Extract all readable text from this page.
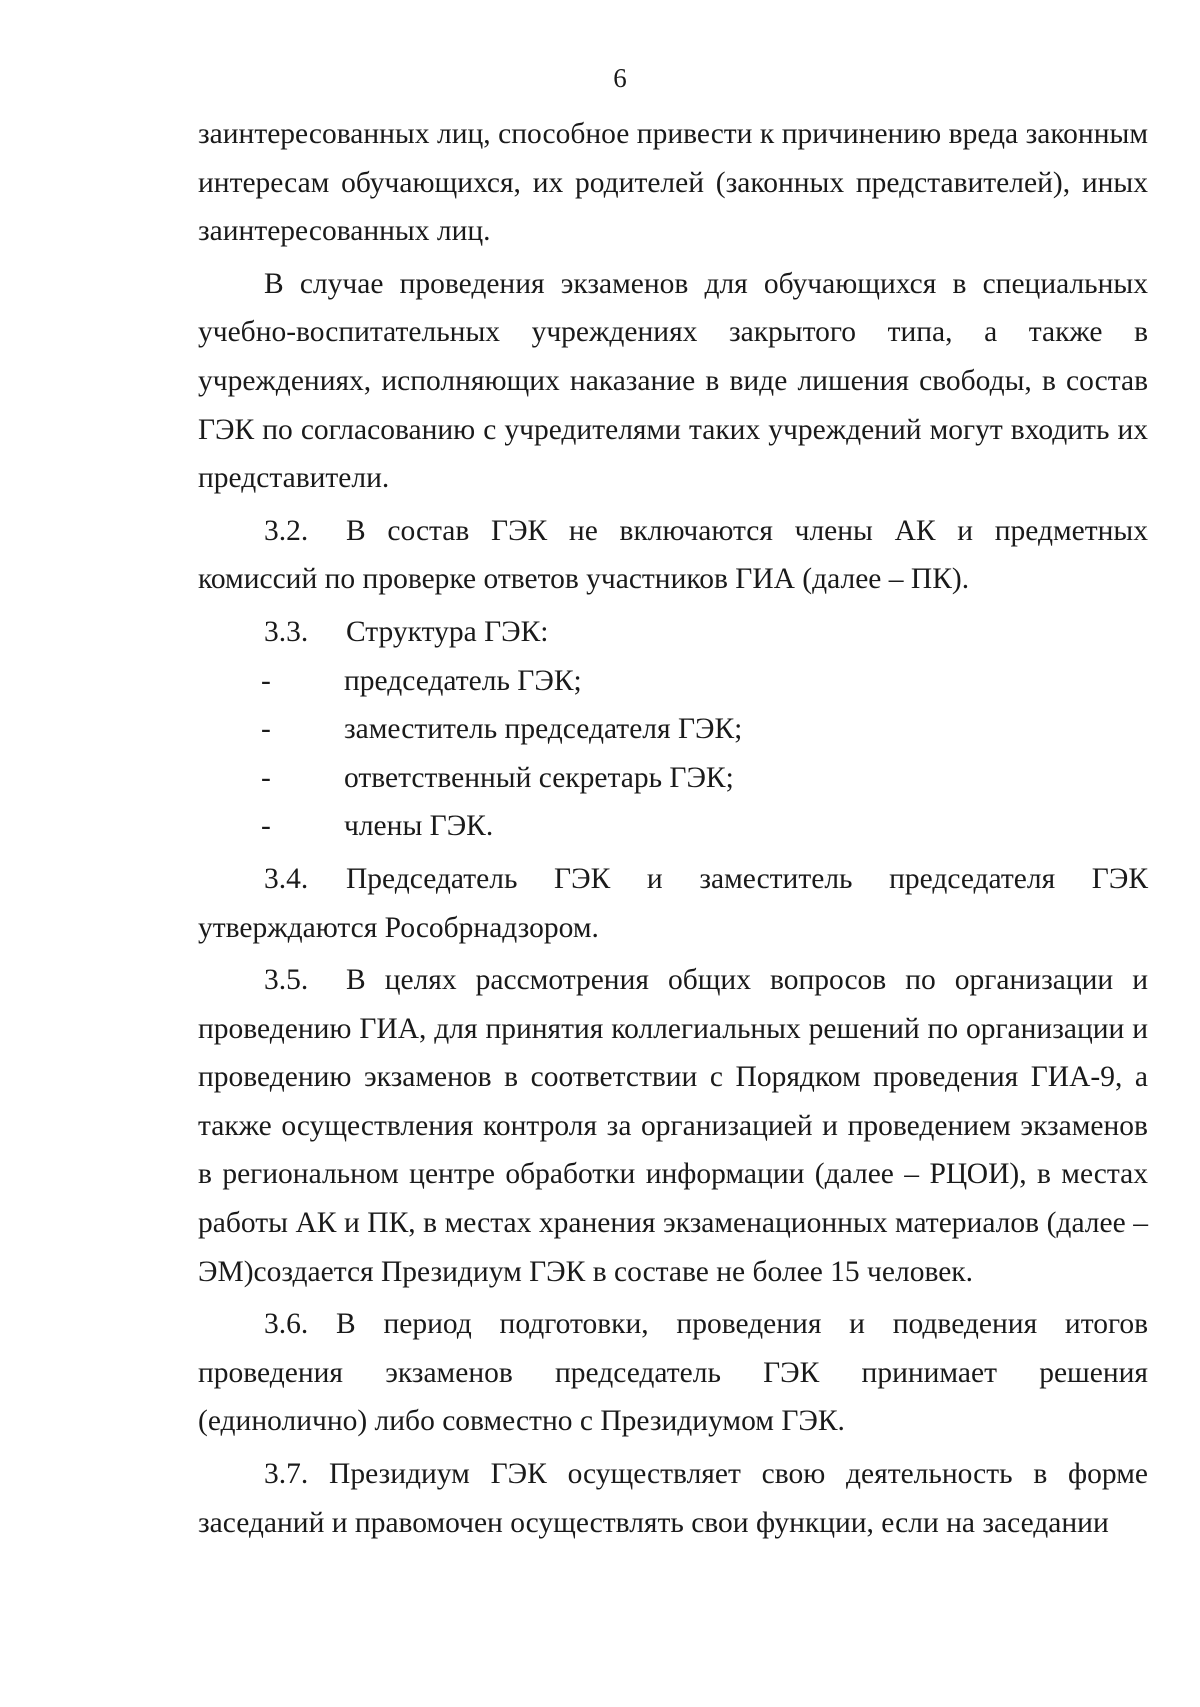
6

заинтересованных лиц, способное привести к причинению вреда законным интересам обучающихся, их родителей (законных представителей), иных заинтересованных лиц.

В случае проведения экзаменов для обучающихся в специальных учебно-воспитательных учреждениях закрытого типа, а также в учреждениях, исполняющих наказание в виде лишения свободы, в состав ГЭК по согласованию с учредителями таких учреждений могут входить их представители.

3.2. В состав ГЭК не включаются члены АК и предметных комиссий по проверке ответов участников ГИА (далее – ПК).

3.3. Структура ГЭК:

- председатель ГЭК;
- заместитель председателя ГЭК;
- ответственный секретарь ГЭК;
- члены ГЭК.

3.4. Председатель ГЭК и заместитель председателя ГЭК утверждаются Рособрнадзором.

3.5. В целях рассмотрения общих вопросов по организации и проведению ГИА, для принятия коллегиальных решений по организации и проведению экзаменов в соответствии с Порядком проведения ГИА-9, а также осуществления контроля за организацией и проведением экзаменов в региональном центре обработки информации (далее – РЦОИ), в местах работы АК и ПК, в местах хранения экзаменационных материалов (далее – ЭМ)создается Президиум ГЭК в составе не более 15 человек.

3.6. В период подготовки, проведения и подведения итогов проведения экзаменов председатель ГЭК принимает решения (единолично) либо совместно с Президиумом ГЭК.

3.7. Президиум ГЭК осуществляет свою деятельность в форме заседаний и правомочен осуществлять свои функции, если на заседании
